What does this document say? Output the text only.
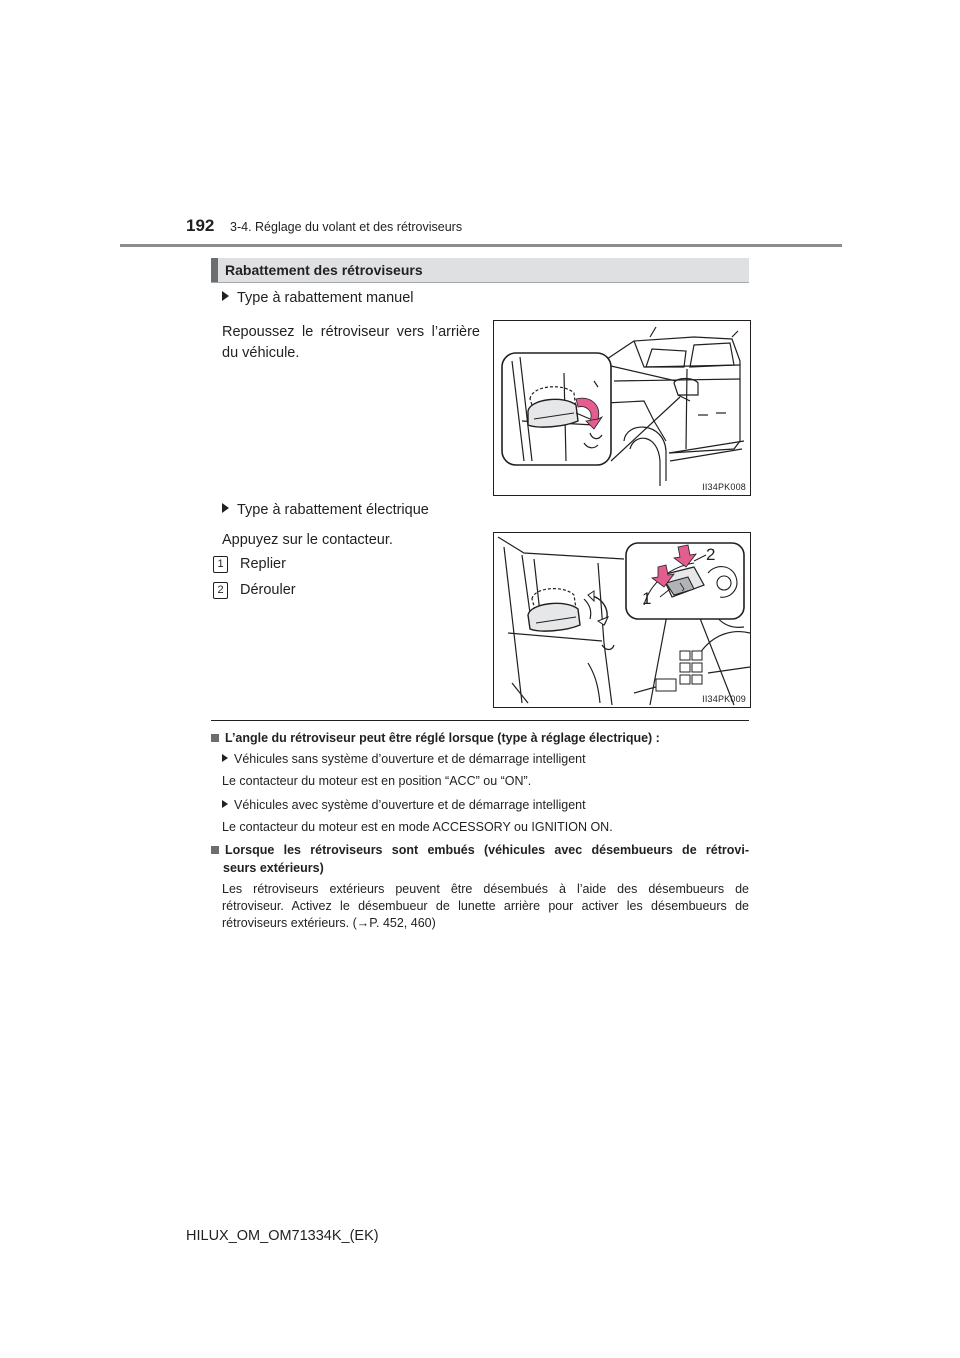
192 3-4. Réglage du volant et des rétroviseurs
Rabattement des rétroviseurs
Type à rabattement manuel
Repoussez le rétroviseur vers l’arrière du véhicule.
II34PK008
Type à rabattement électrique
Appuyez sur le contacteur.
1 Replier
2 Dérouler	1
2
II34PK009
L’angle du rétroviseur peut être réglé lorsque (type à réglage électrique) :
Véhicules sans système d’ouverture et de démarrage intelligent
Le contacteur du moteur est en position “ACC” ou “ON”.
Véhicules avec système d’ouverture et de démarrage intelligent
Le contacteur du moteur est en mode ACCESSORY ou IGNITION ON.
Lorsque les rétroviseurs sont embués (véhicules avec désembueurs de rétrovi-
seurs extérieurs)
Les rétroviseurs extérieurs peuvent être désembués à l’aide des désembueurs de
rétroviseur. Activez le désembueur de lunette arrière pour activer les désembueurs de
rétroviseurs extérieurs. (→P. 452, 460)
HILUX_OM_OM71334K_(EK)
